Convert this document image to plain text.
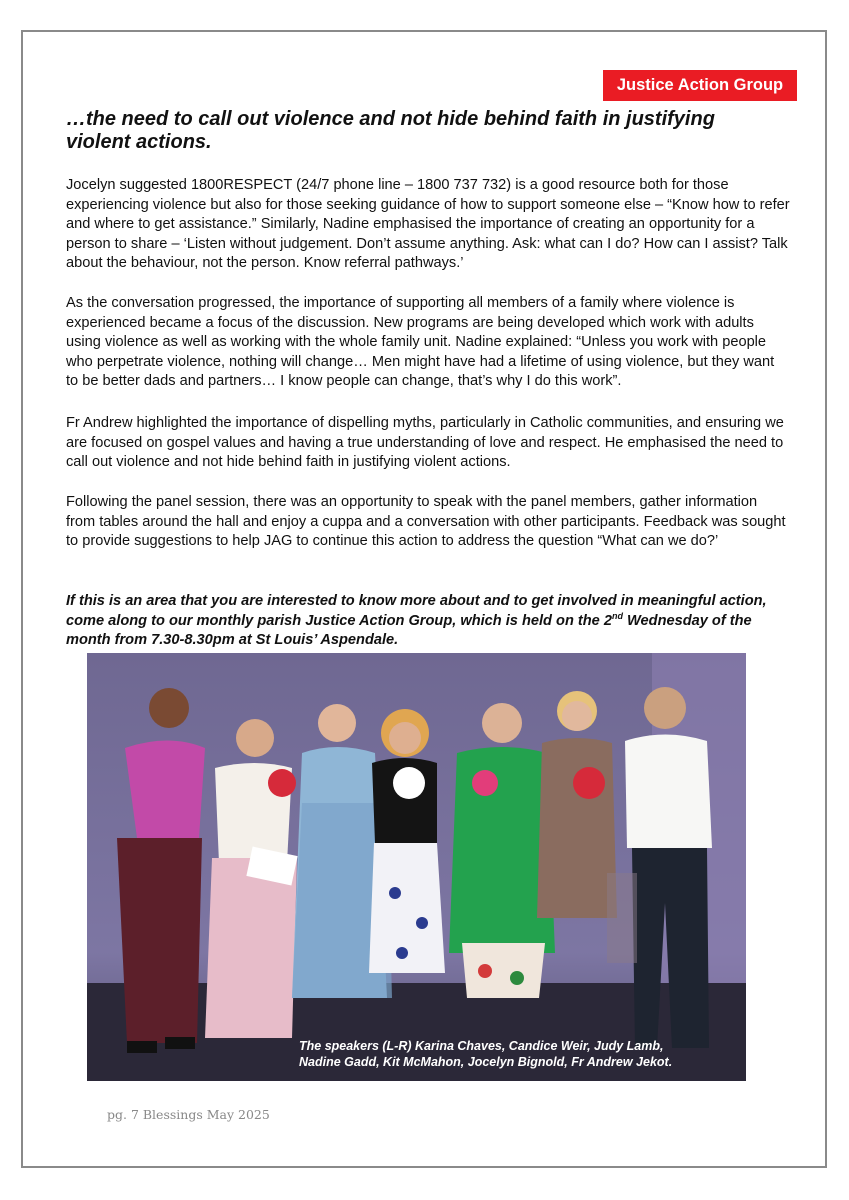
Justice Action Group
…the need to call out violence and not hide behind faith in justifying
violent actions.

Jocelyn suggested 1800RESPECT (24/7 phone line – 1800 737 732) is a good resource both for those experiencing violence but also for those seeking guidance of how to support someone else – “Know how to refer and where to get assistance.” Similarly, Nadine emphasised the importance of creating an opportunity for a person to share – ‘Listen without judgement. Don’t assume anything. Ask: what can I do? How can I assist? Talk about the behaviour, not the person. Know referral pathways.’

As the conversation progressed, the importance of supporting all members of a family where violence is experienced became a focus of the discussion. New programs are being developed which work with adults using violence as well as working with the whole family unit. Nadine explained: “Unless you work with people who perpetrate violence, nothing will change… Men might have had a lifetime of using violence, but they want to be better dads and partners… I know people can change, that’s why I do this work”.

Fr Andrew highlighted the importance of dispelling myths, particularly in Catholic communities, and ensuring we are focused on gospel values and having a true understanding of love and respect. He emphasised the need to call out violence and not hide behind faith in justifying violent actions.

Following the panel session, there was an opportunity to speak with the panel members, gather information from tables around the hall and enjoy a cuppa and a conversation with other participants. Feedback was sought to provide suggestions to help JAG to continue this action to address the question “What can we do?’

If this is an area that you are interested to know more about and to get involved in meaningful action, come along to our monthly parish Justice Action Group, which is held on the 2nd Wednesday of the month from 7.30-8.30pm at St Louis’ Aspendale.

The speakers (L-R) Karina Chaves, Candice Weir, Judy Lamb,
Nadine Gadd, Kit McMahon, Jocelyn Bignold, Fr Andrew Jekot.
pg. 7 Blessings May 2025
